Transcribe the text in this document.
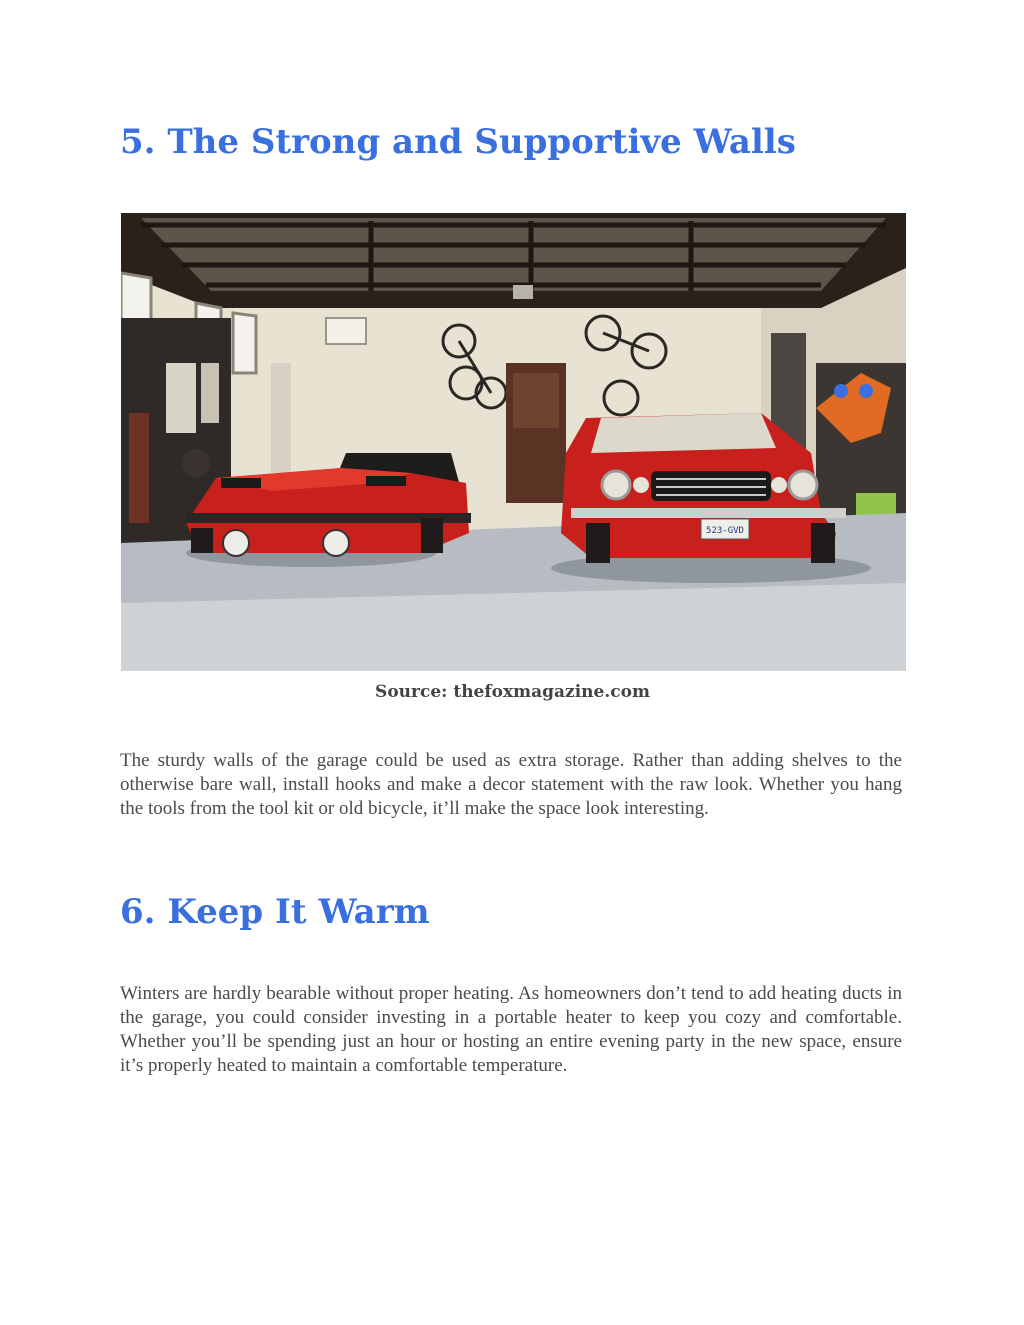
5. The Strong and Supportive Walls
523-GVD
Source: thefoxmagazine.com

The sturdy walls of the garage could be used as extra storage. Rather than adding shelves to the otherwise bare wall, install hooks and make a decor statement with the raw look. Whether you hang the tools from the tool kit or old bicycle, it’ll make the space look interesting.

6. Keep It Warm

Winters are hardly bearable without proper heating. As homeowners don’t tend to add heating ducts in the garage, you could consider investing in a portable heater to keep you cozy and comfortable. Whether you’ll be spending just an hour or hosting an entire evening party in the new space, ensure it’s properly heated to maintain a comfortable temperature.
